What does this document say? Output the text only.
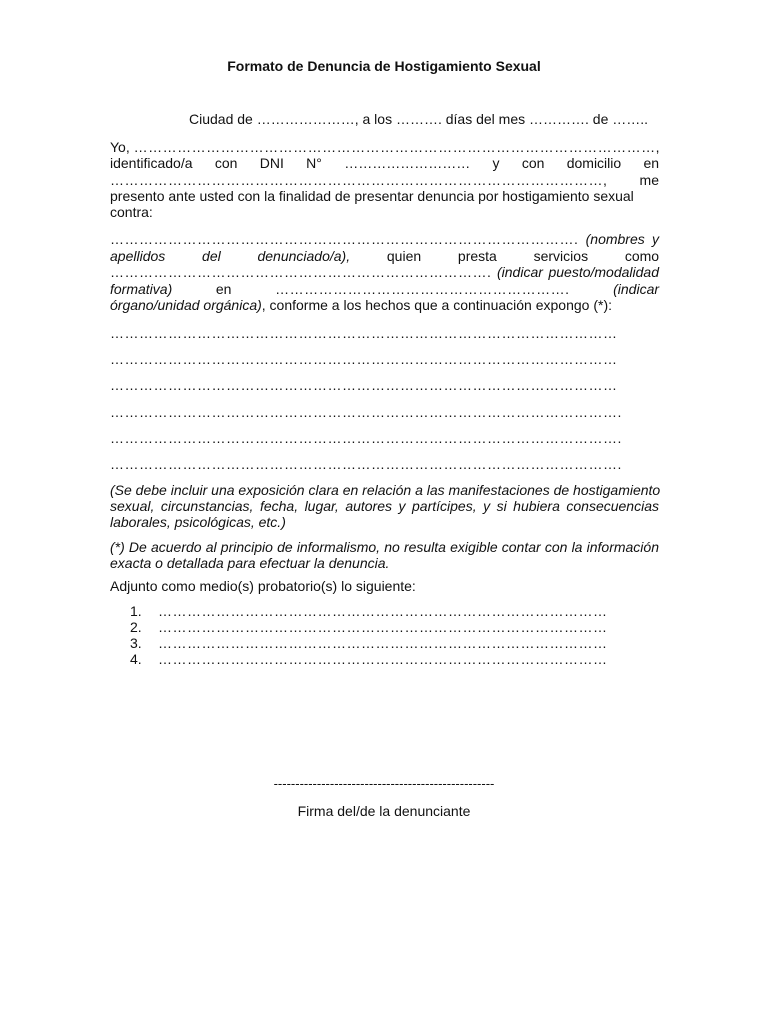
Formato de Denuncia de Hostigamiento Sexual
Ciudad de …………………, a los ………. días del mes …………. de ……..
Yo, ………………………………………………………………………………………………,
identificado/a con DNI N° ……………………… y con domicilio en
…………………………………………………………………………………………, me
presento ante usted con la finalidad de presentar denuncia por hostigamiento sexual
contra:
……………………………………………………………………………………. (nombres y
apellidos	del	denunciado/a),	quien	presta	servicios	como
……………………………………………………………………. (indicar puesto/modalidad
formativa)	en	…………………………………………………….	(indicar
órgano/unidad orgánica), conforme a los hechos que a continuación expongo (*):
……………………………………………………………………………………………
……………………………………………………………………………………………
……………………………………………………………………………………………
…………………………………………………………………………………………….
…………………………………………………………………………………………….
…………………………………………………………………………………………….
(Se debe incluir una exposición clara en relación a las manifestaciones de hostigamiento
sexual, circunstancias, fecha, lugar, autores y partícipes, y si hubiera consecuencias
laborales, psicológicas, etc.)
(*) De acuerdo al principio de informalismo, no resulta exigible contar con la información
exacta o detallada para efectuar la denuncia.
Adjunto como medio(s) probatorio(s) lo siguiente:
1. …………………………………………………………………………………
2. …………………………………………………………………………………
3. …………………………………………………………………………………
4. …………………………………………………………………………………
---------------------------------------------------
Firma del/de la denunciante
